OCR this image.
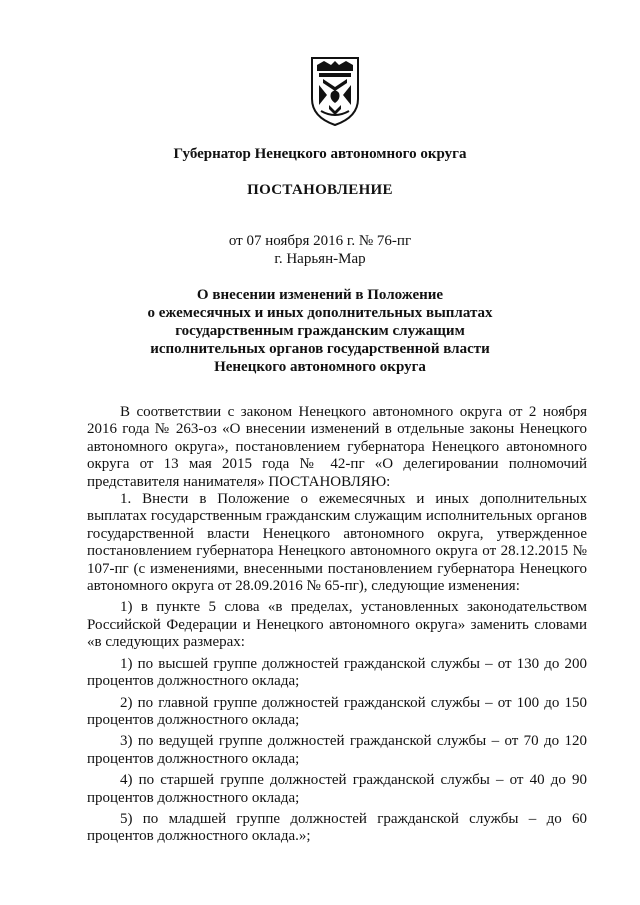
Губернатор Ненецкого автономного округа
ПОСТАНОВЛЕНИЕ
от 07 ноября 2016 г. № 76-пг
г. Нарьян-Мар
О внесении изменений в Положение
о ежемесячных и иных дополнительных выплатах
государственным гражданским служащим
исполнительных органов государственной власти
Ненецкого автономного округа

В соответствии с законом Ненецкого автономного округа от 2 ноября 2016 года № 263-оз «О внесении изменений в отдельные законы Ненецкого автономного округа», постановлением губернатора Ненецкого автономного округа от 13 мая 2015 года № 42-пг «О делегировании полномочий представителя нанимателя» ПОСТАНОВЛЯЮ:

1. Внести в Положение о ежемесячных и иных дополнительных выплатах государственным гражданским служащим исполнительных органов государственной власти Ненецкого автономного округа, утвержденное постановлением губернатора Ненецкого автономного округа от 28.12.2015 № 107-пг (с изменениями, внесенными постановлением губернатора Ненецкого автономного округа от 28.09.2016 № 65-пг), следующие изменения:

1) в пункте 5 слова «в пределах, установленных законодательством Российской Федерации и Ненецкого автономного округа» заменить словами «в следующих размерах:

1) по высшей группе должностей гражданской службы – от 130 до 200 процентов должностного оклада;

2) по главной группе должностей гражданской службы – от 100 до 150 процентов должностного оклада;

3) по ведущей группе должностей гражданской службы – от 70 до 120 процентов должностного оклада;

4) по старшей группе должностей гражданской службы – от 40 до 90 процентов должностного оклада;

5) по младшей группе должностей гражданской службы – до 60 процентов должностного оклада.»;
